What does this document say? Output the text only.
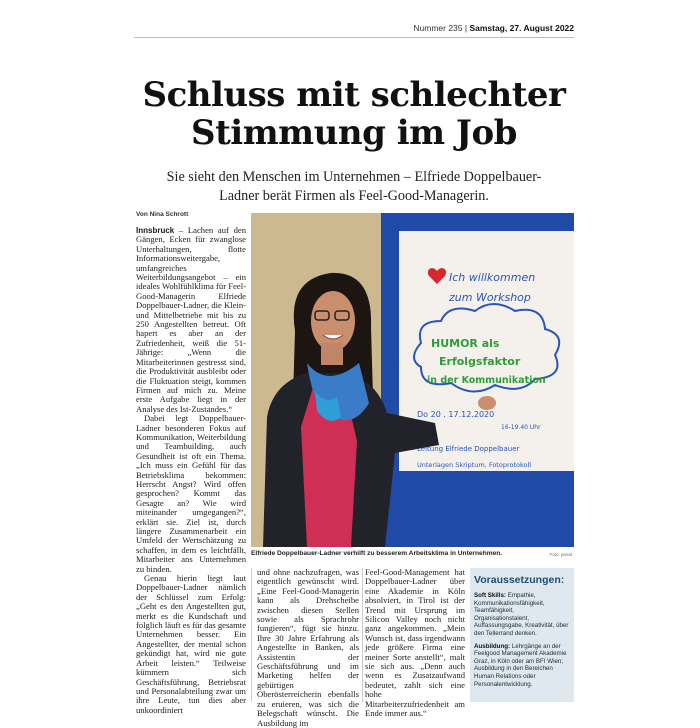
Nummer 235 | Samstag, 27. August 2022
Schluss mit schlechter
Stimmung im Job
Sie sieht den Menschen im Unternehmen – Elfriede Doppelbauer-Ladner berät Firmen als Feel-Good-Managerin.
Von Nina Schrott

Innsbruck – Lachen auf den Gängen, Ecken für zwanglose Unterhaltungen, flotte Informationsweitergabe, umfangreiches Weiterbildungsangebot – ein ideales Wohlfühlklima für Feel-Good-Managerin Elfriede Doppelbauer-Ladner, die Klein- und Mittelbetriebe mit bis zu 250 Angestellten betreut. Oft hapert es aber an der Zufriedenheit, weiß die 51-Jährige: „Wenn die Mitarbeiterinnen gestresst sind, die Produktivität ausbleibt oder die Fluktuation steigt, kommen Firmen auf mich zu. Meine erste Aufgabe liegt in der Analyse des Ist-Zustandes.“

Dabei legt Doppelbauer-Ladner besonderen Fokus auf Kommunikation, Weiterbildung und Teambuilding, auch Gesundheit ist oft ein Thema. „Ich muss ein Gefühl für das Betriebsklima bekommen: Herrscht Angst? Wird offen gesprochen? Kommt das Gesagte an? Wie wird miteinander umgegangen?“, erklärt sie. Ziel ist, durch längere Zusammenarbeit ein Umfeld der Wertschätzung zu schaffen, in dem es leichtfällt, Mitarbeiter ans Unternehmen zu binden.

Genau hierin liegt laut Doppelbauer-Ladner nämlich der Schlüssel zum Erfolg: „Geht es den Angestellten gut, merkt es die Kundschaft und folglich läuft es für das gesamte Unternehmen besser. Ein Angestellter, der mental schon gekündigt hat, wird nie gute Arbeit leisten.“ Teilweise kümmern sich Geschäftsführung, Betriebsrat und Personalabteilung zwar um ihre Leute, tun dies aber unkoordiniert

Ich willkommen
zum Workshop
HUMOR als
Erfolgsfaktor
in der Kommunikation
Do 20 . 17.12.2020
16-19.40 Uhr
Leitung Elfriede Doppelbauer
Unterlagen Skriptum, Fotoprotokoll
Elfriede Doppelbauer-Ladner verhilft zu besserem Arbeitsklima in Unternehmen.	Foto: privat

und ohne nachzufragen, was eigentlich gewünscht wird. „Eine Feel-Good-Managerin kann als Drehscheibe zwischen diesen Stellen sowie als Sprachrohr fungieren“, fügt sie hinzu. Ihre 30 Jahre Erfahrung als Angestellte in Banken, als Assistentin der Geschäftsführung und im Marketing helfen der gebürtigen Oberösterreicherin ebenfalls zu eruieren, was sich die Belegschaft wünscht. Die Ausbildung im

Feel-Good-Management hat Doppelbauer-Ladner über eine Akademie in Köln absolviert, in Tirol ist der Trend mit Ursprung im Silicon Valley noch nicht ganz angekommen. „Mein Wunsch ist, dass irgendwann jede größere Firma eine meiner Sorte anstellt“, malt sie sich aus. „Denn auch wenn es Zusatzaufwand bedeutet, zahlt sich eine hohe Mitarbeiterzufriedenheit am Ende immer aus.“

Voraussetzungen:
Soft Skills: Empathie, Kommunikationsfähigkeit, Teamfähigkeit, Organisationstalent, Auffassungsgabe, Kreativität, über den Tellerrand denken.
Ausbildung: Lehrgänge an der Feelgood Management Akademie Graz, in Köln oder am BFI Wien; Ausbildung in den Bereichen Human Relations oder Personalentwicklung.
